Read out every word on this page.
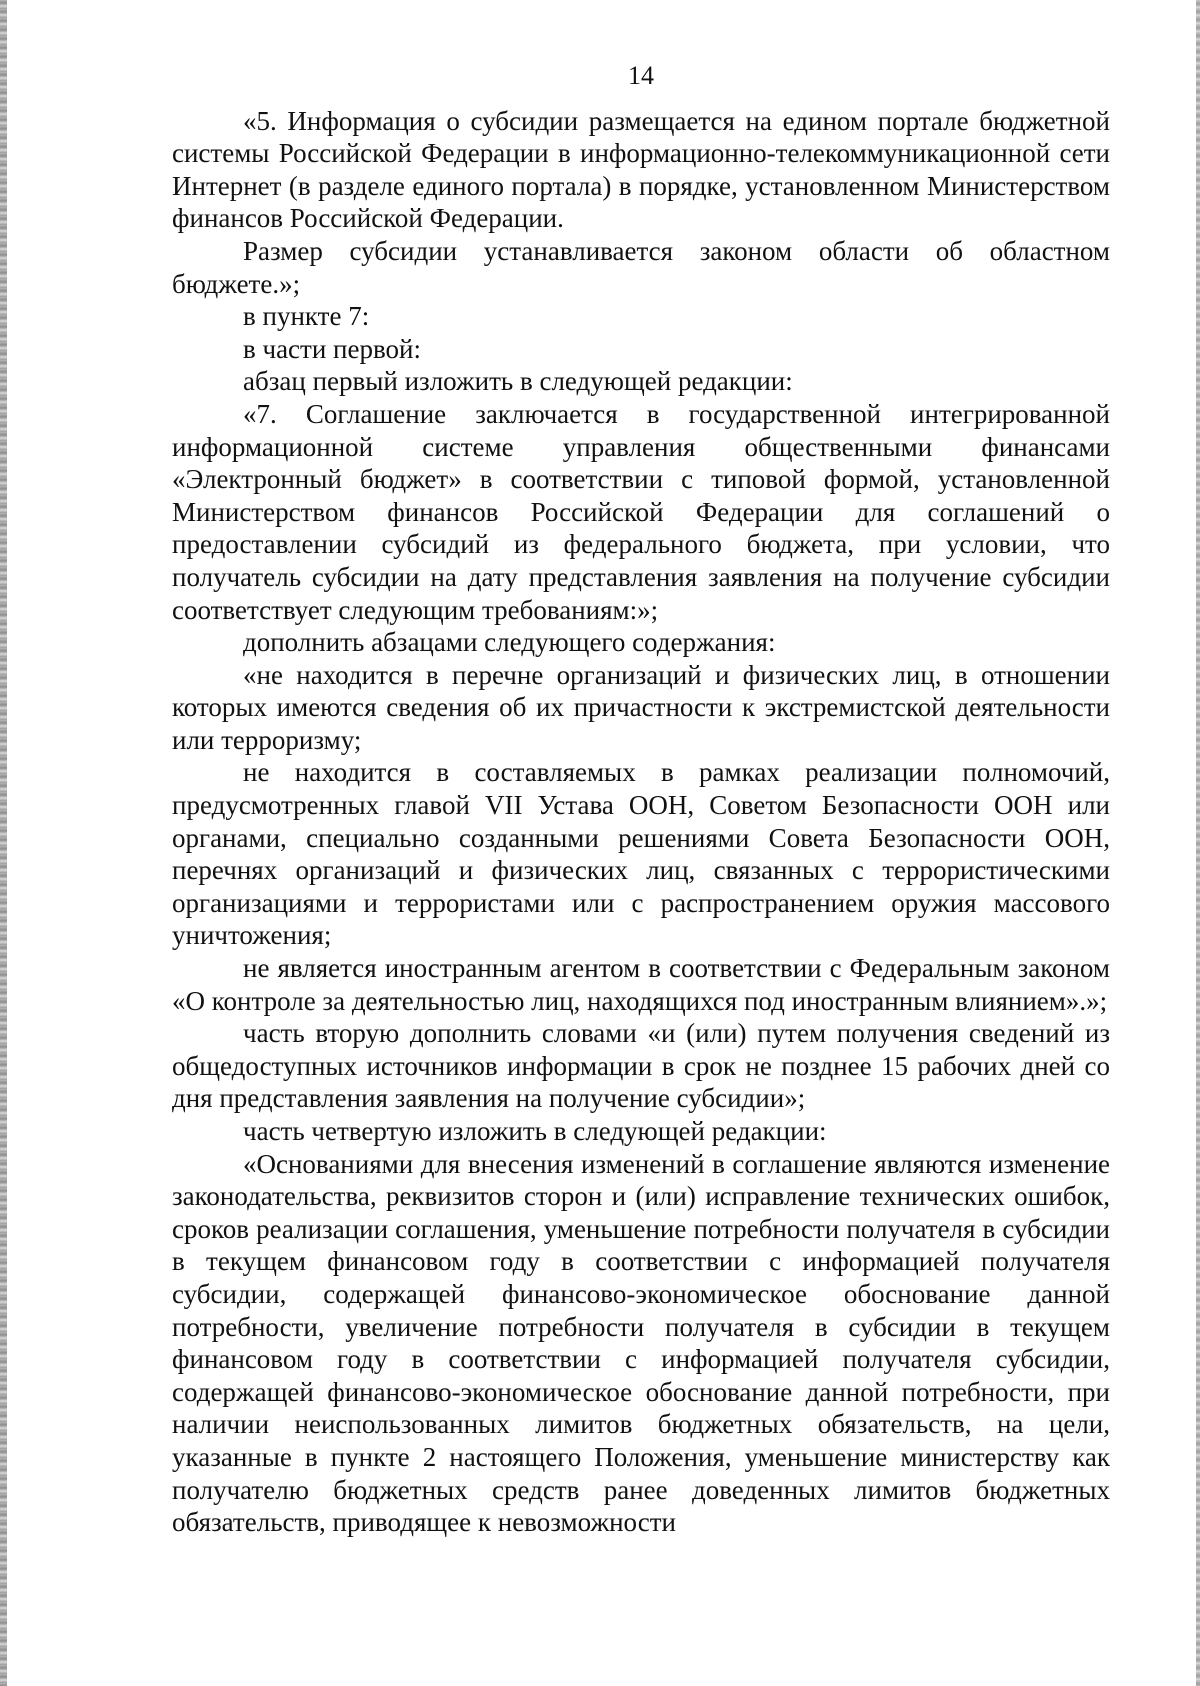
14

«5. Информация о субсидии размещается на едином портале бюджетной системы Российской Федерации в информационно-телекоммуникационной сети Интернет (в разделе единого портала) в порядке, установленном Министерством финансов Российской Федерации.

Размер субсидии устанавливается законом области об областном бюджете.»;

в пункте 7:

в части первой:

абзац первый изложить в следующей редакции:

«7. Соглашение заключается в государственной интегрированной информационной системе управления общественными финансами «Электронный бюджет» в соответствии с типовой формой, установленной Министерством финансов Российской Федерации для соглашений о предоставлении субсидий из федерального бюджета, при условии, что получатель субсидии на дату представления заявления на получение субсидии соответствует следующим требованиям:»;

дополнить абзацами следующего содержания:

«не находится в перечне организаций и физических лиц, в отношении которых имеются сведения об их причастности к экстремистской деятельности или терроризму;

не находится в составляемых в рамках реализации полномочий, предусмотренных главой VII Устава ООН, Советом Безопасности ООН или органами, специально созданными решениями Совета Безопасности ООН, перечнях организаций и физических лиц, связанных с террористическими организациями и террористами или с распространением оружия массового уничтожения;

не является иностранным агентом в соответствии с Федеральным законом «О контроле за деятельностью лиц, находящихся под иностранным влиянием».»;

часть вторую дополнить словами «и (или) путем получения сведений из общедоступных источников информации в срок не позднее 15 рабочих дней со дня представления заявления на получение субсидии»;

часть четвертую изложить в следующей редакции:

«Основаниями для внесения изменений в соглашение являются изменение законодательства, реквизитов сторон и (или) исправление технических ошибок, сроков реализации соглашения, уменьшение потребности получателя в субсидии в текущем финансовом году в соответствии с информацией получателя субсидии, содержащей финансово-экономическое обоснование данной потребности, увеличение потребности получателя в субсидии в текущем финансовом году в соответствии с информацией получателя субсидии, содержащей финансово-экономическое обоснование данной потребности, при наличии неиспользованных лимитов бюджетных обязательств, на цели, указанные в пункте 2 настоящего Положения, уменьшение министерству как получателю бюджетных средств ранее доведенных лимитов бюджетных обязательств, приводящее к невозможности
